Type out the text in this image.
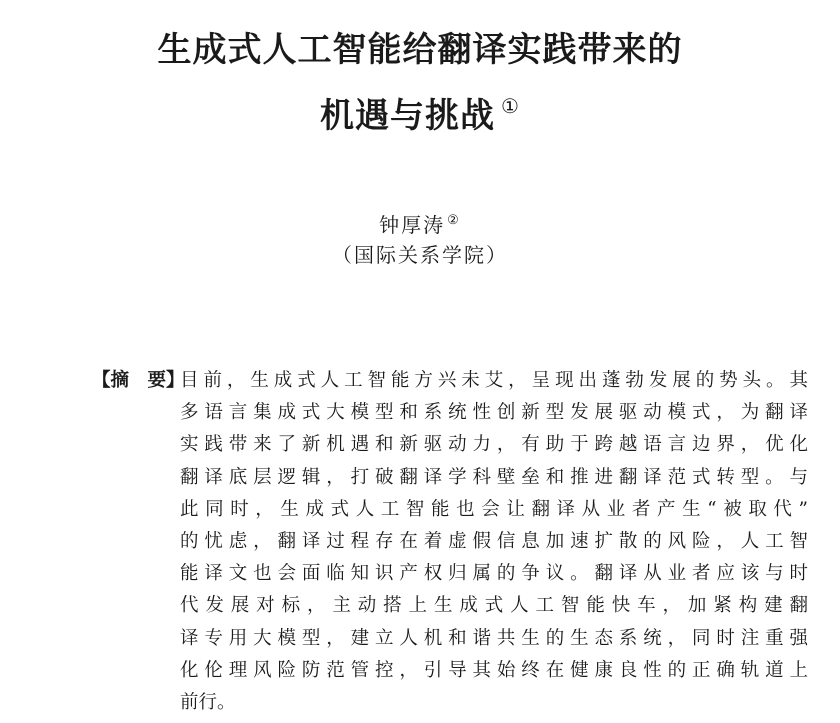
生成式人工智能给翻译实践带来的
机遇与挑战 ①
钟厚涛 ②
（国际关系学院）
【摘　要】
目前，生成式人工智能方兴未艾，呈现出蓬勃发展的势头。其
多语言集成式大模型和系统性创新型发展驱动模式，为翻译
实践带来了新机遇和新驱动力，有助于跨越语言边界，优化
翻译底层逻辑，打破翻译学科壁垒和推进翻译范式转型。与
此同时，生成式人工智能也会让翻译从业者产生“被取代”
的忧虑，翻译过程存在着虚假信息加速扩散的风险，人工智
能译文也会面临知识产权归属的争议。翻译从业者应该与时
代发展对标，主动搭上生成式人工智能快车，加紧构建翻
译专用大模型，建立人机和谐共生的生态系统，同时注重强
化伦理风险防范管控，引导其始终在健康良性的正确轨道上
前行。
